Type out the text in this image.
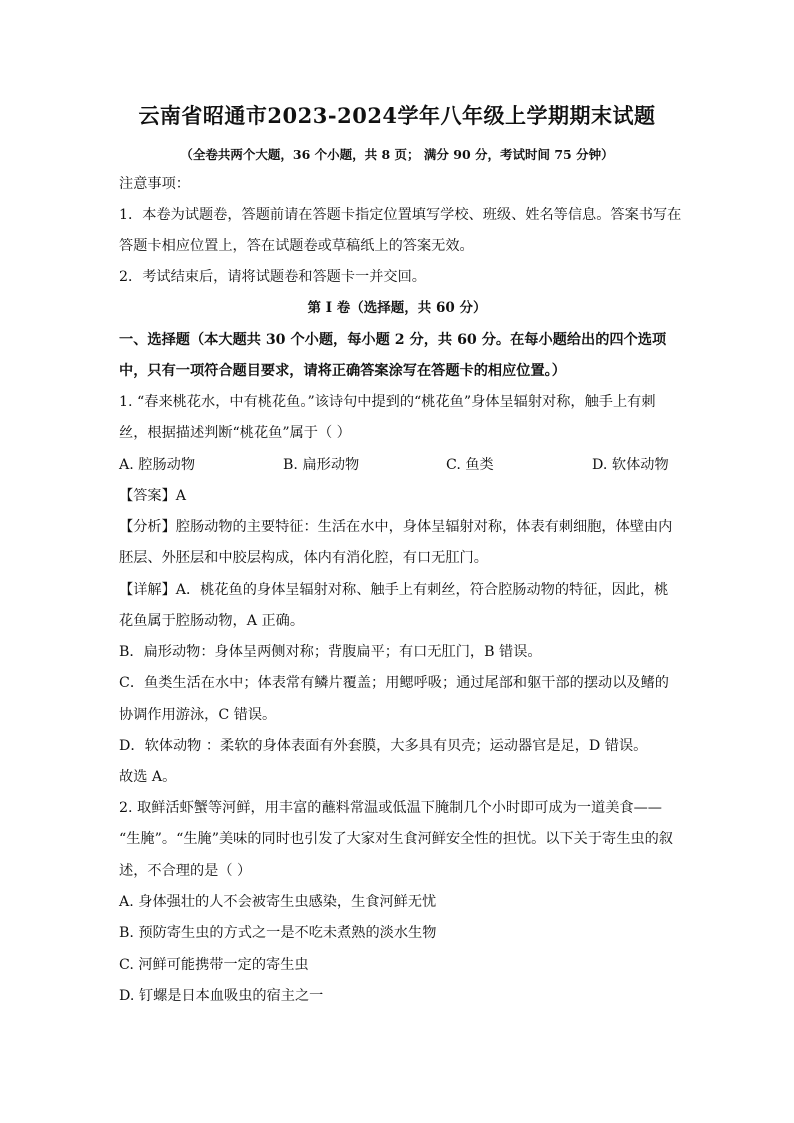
云南省昭通市2023-2024学年八年级上学期期末试题
（全卷共两个大题，36 个小题，共 8 页； 满分 90 分，考试时间 75 分钟）
注意事项：
1．本卷为试题卷，答题前请在答题卡指定位置填写学校、班级、姓名等信息。答案书写在
答题卡相应位置上，答在试题卷或草稿纸上的答案无效。
2．考试结束后，请将试题卷和答题卡一并交回。
第 I 卷（选择题，共 60 分）
一、选择题（本大题共 30 个小题，每小题 2 分，共 60 分。在每小题给出的四个选项
中，只有一项符合题目要求，请将正确答案涂写在答题卡的相应位置。）
1. “春来桃花水，中有桃花鱼。”该诗句中提到的“桃花鱼”身体呈辐射对称，触手上有刺
丝，根据描述判断“桃花鱼”属于（ ）
A. 腔肠动物	B. 扁形动物	C. 鱼类	D. 软体动物
【答案】A
【分析】腔肠动物的主要特征：生活在水中，身体呈辐射对称，体表有刺细胞，体壁由内
胚层、外胚层和中胶层构成，体内有消化腔，有口无肛门。
【详解】A．桃花鱼的身体呈辐射对称、触手上有刺丝，符合腔肠动物的特征，因此，桃
花鱼属于腔肠动物，A 正确。
B．扁形动物：身体呈两侧对称；背腹扁平；有口无肛门，B 错误。
C．鱼类生活在水中；体表常有鳞片覆盖；用鳃呼吸；通过尾部和躯干部的摆动以及鳍的
协调作用游泳，C 错误。
D．软体动物 ：柔软的身体表面有外套膜，大多具有贝壳；运动器官是足，D 错误。
故选 A。
2. 取鲜活虾蟹等河鲜，用丰富的蘸料常温或低温下腌制几个小时即可成为一道美食——
“生腌”。“生腌”美味的同时也引发了大家对生食河鲜安全性的担忧。以下关于寄生虫的叙
述，不合理的是（ ）
A. 身体强壮的人不会被寄生虫感染，生食河鲜无忧
B. 预防寄生虫的方式之一是不吃未煮熟的淡水生物
C. 河鲜可能携带一定的寄生虫
D. 钉螺是日本血吸虫的宿主之一
